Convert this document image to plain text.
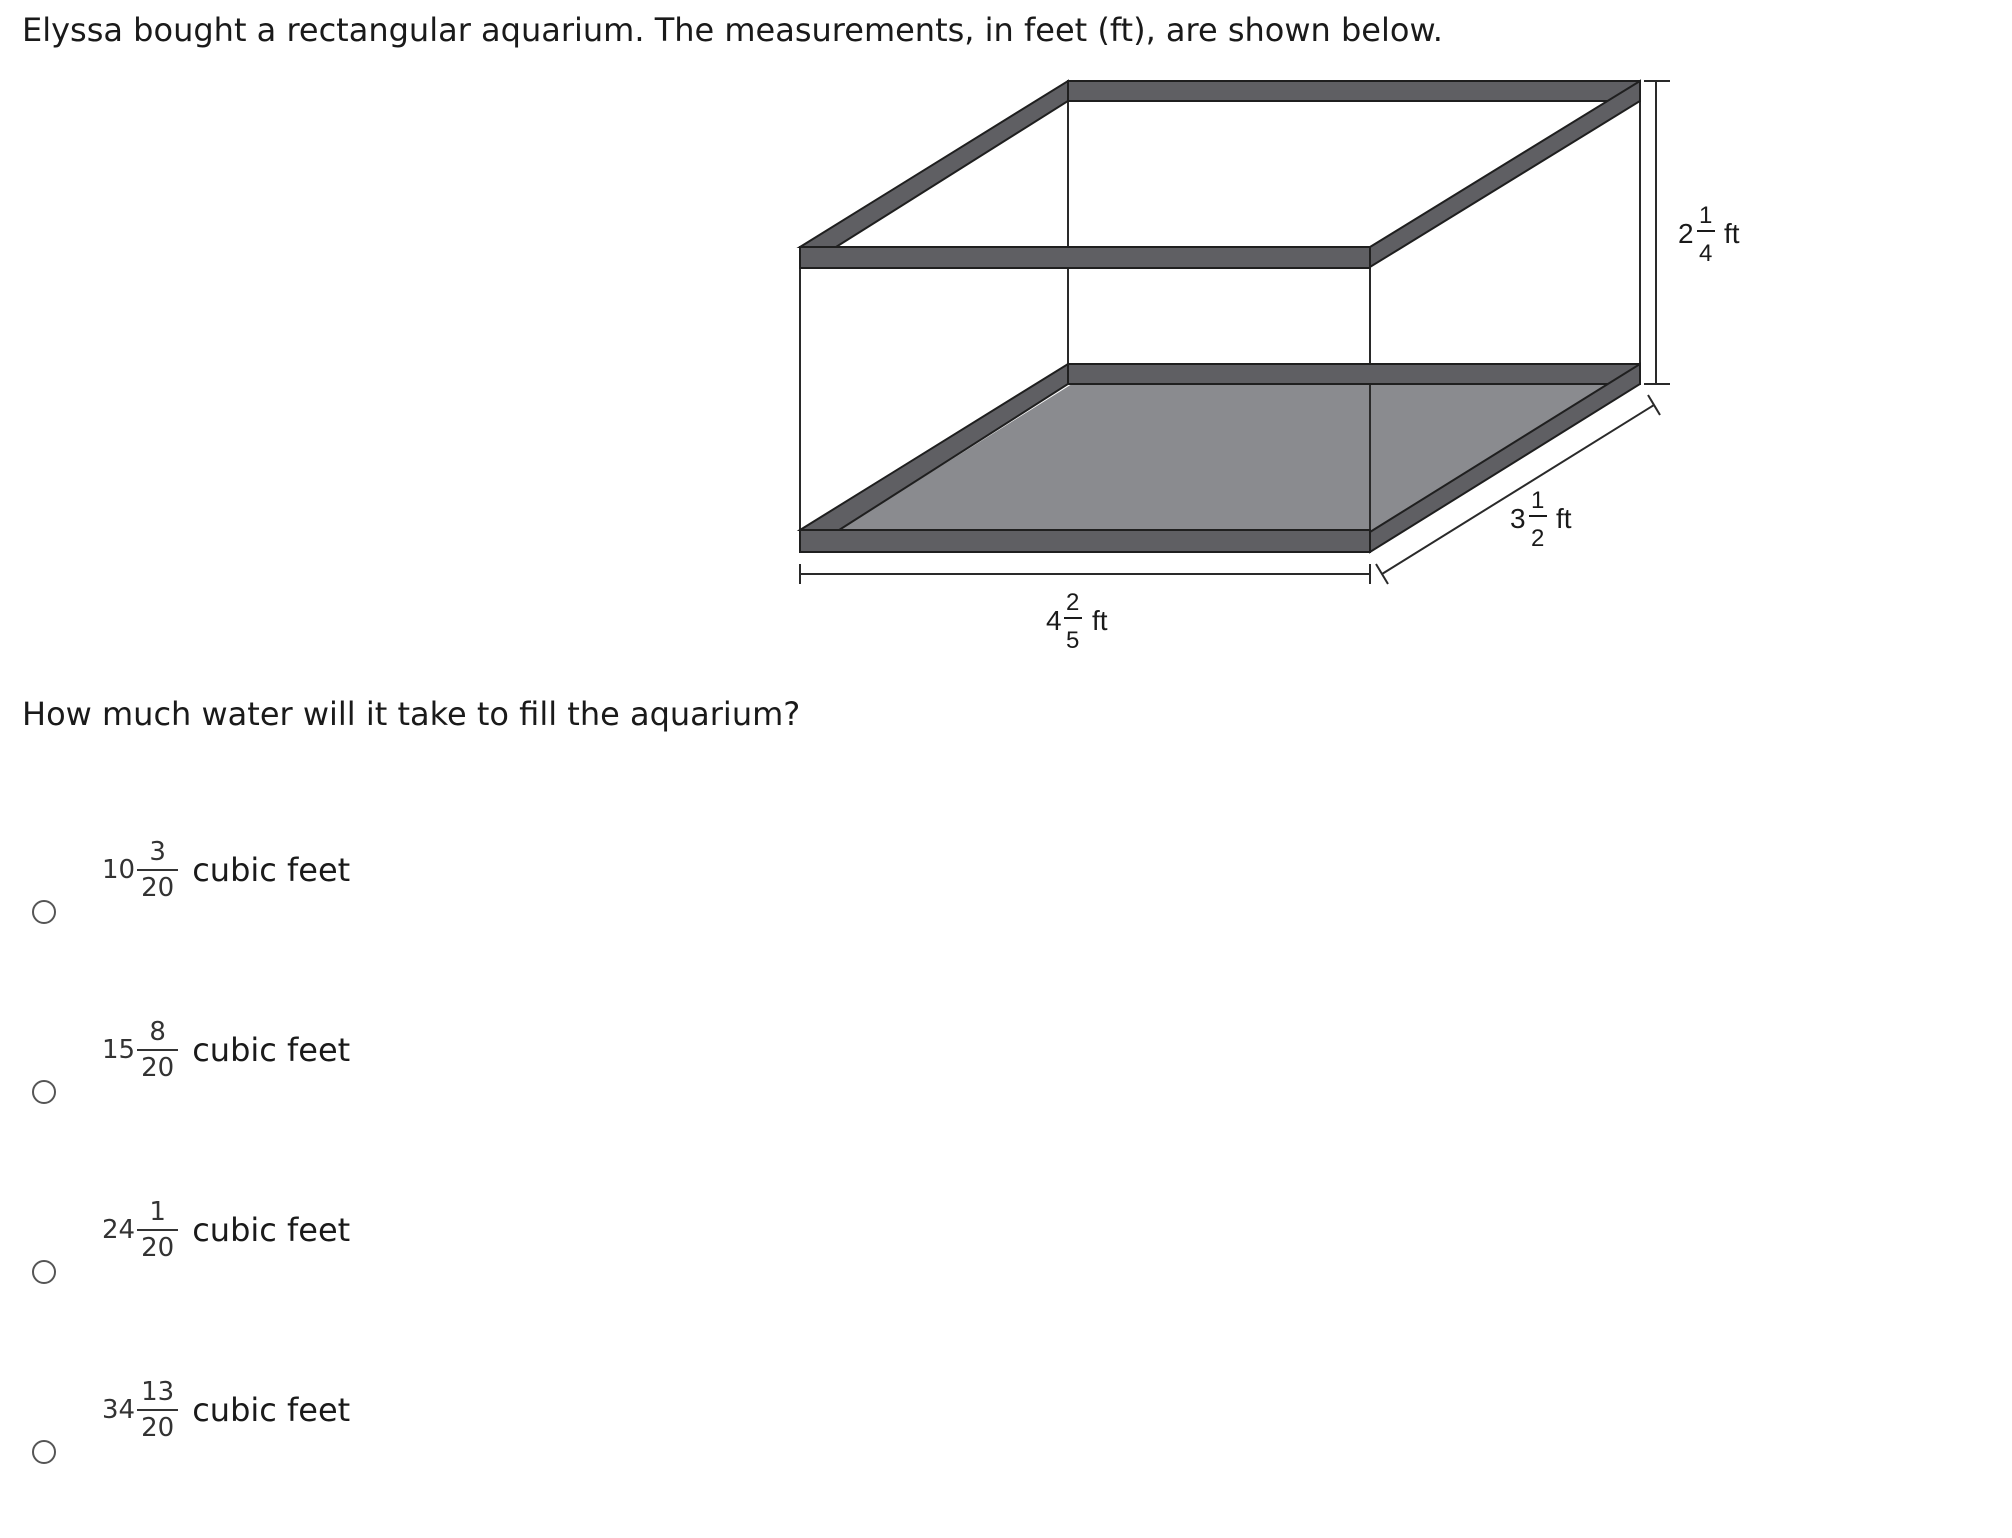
Elyssa bought a rectangular aquarium. The measurements, in feet (ft), are shown below.
4
2
5
ft
3
1
2
ft
2
1
4
ft
How much water will it take to fill the aquarium?
$10 \frac{3}{20}$ cubic feet
$15 \frac{8}{20}$ cubic feet
$24 \frac{1}{20}$ cubic feet
$34 \frac{13}{20}$ cubic feet
